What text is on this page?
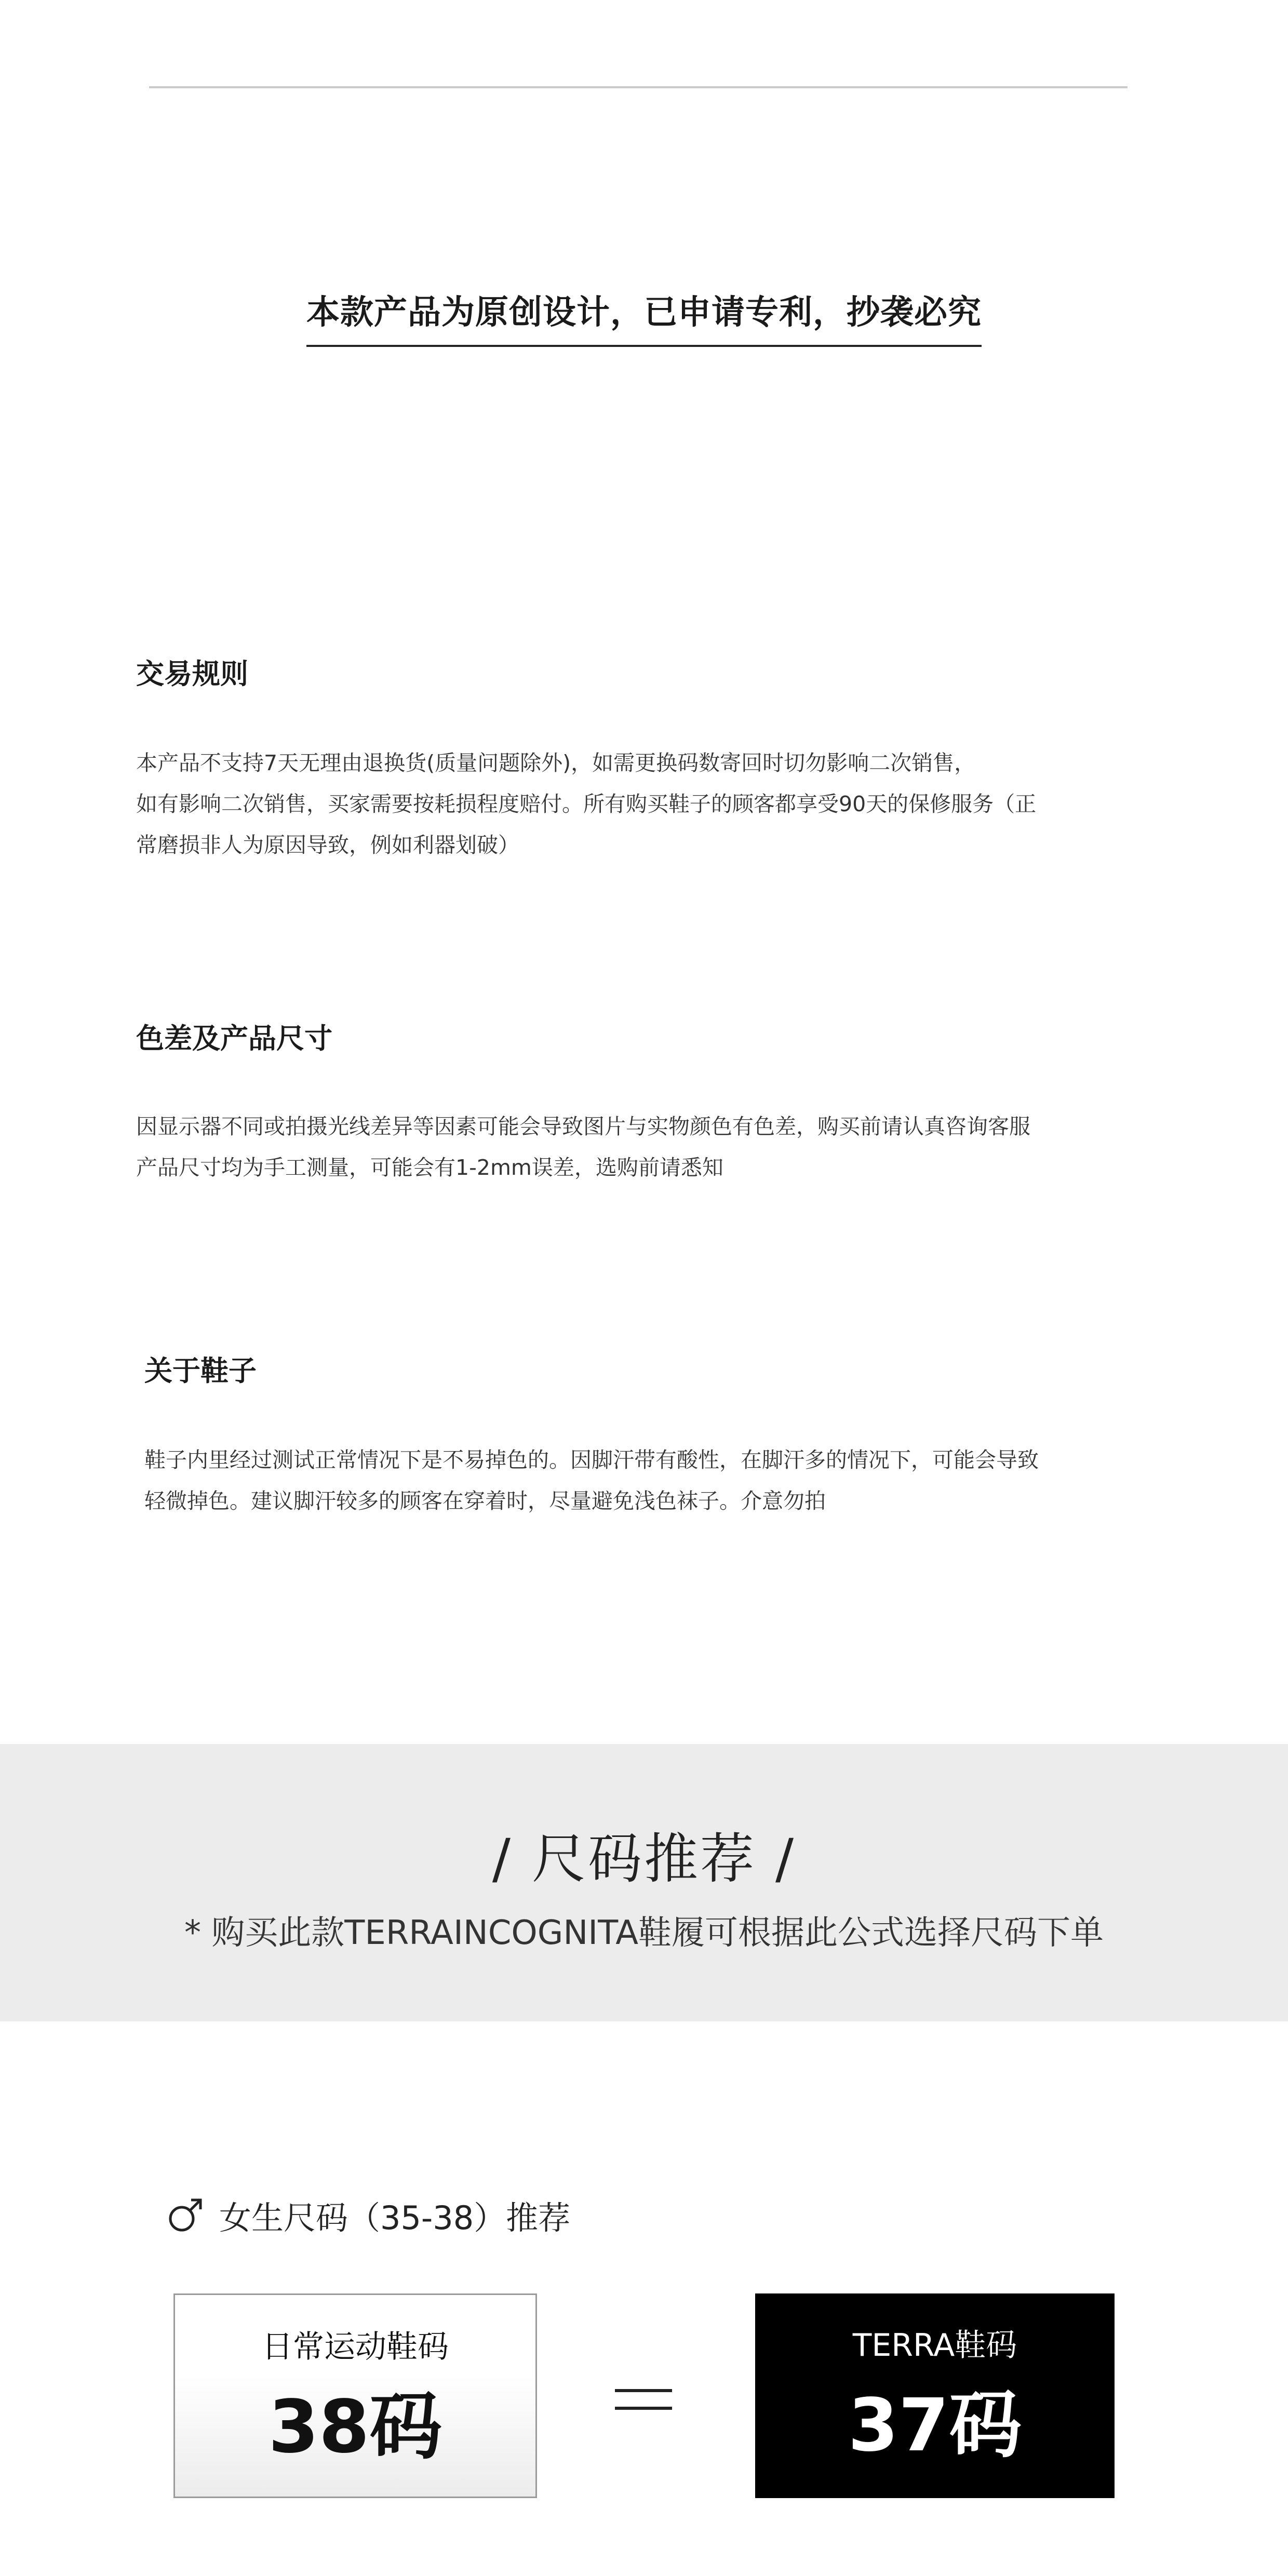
本款产品为原创设计，已申请专利，抄袭必究
交易规则

本产品不支持7天无理由退换货(质量问题除外)，如需更换码数寄回时切勿影响二次销售，

如有影响二次销售，买家需要按耗损程度赔付。所有购买鞋子的顾客都享受90天的保修服务（正

常磨损非人为原因导致，例如利器划破）

色差及产品尺寸

因显示器不同或拍摄光线差异等因素可能会导致图片与实物颜色有色差，购买前请认真咨询客服

产品尺寸均为手工测量，可能会有1-2mm误差，选购前请悉知

关于鞋子

鞋子内里经过测试正常情况下是不易掉色的。因脚汗带有酸性，在脚汗多的情况下，可能会导致

轻微掉色。建议脚汗较多的顾客在穿着时，尽量避免浅色袜子。介意勿拍

/ 尺码推荐 /
* 购买此款TERRAINCOGNITA鞋履可根据此公式选择尺码下单
女生尺码（35-38）推荐
日常运动鞋码
38码
TERRA鞋码
37码
